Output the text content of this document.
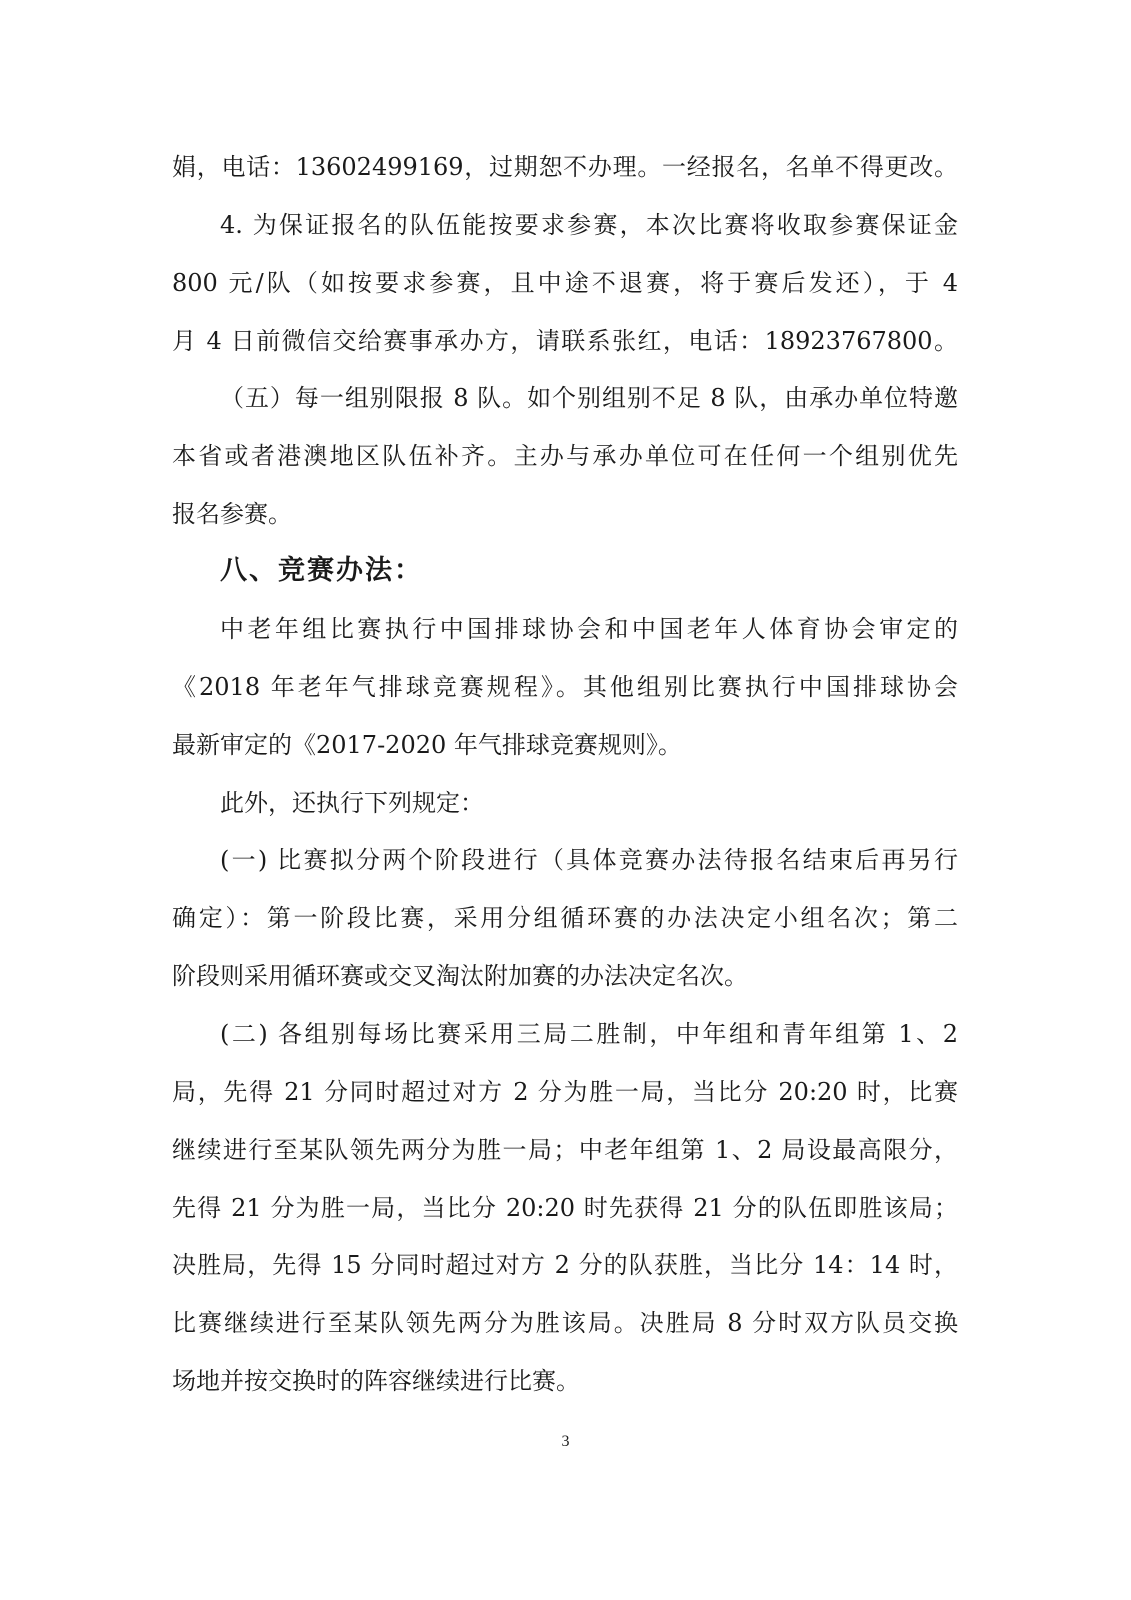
娟，电话：13602499169，过期恕不办理。一经报名，名单不得更改。
4. 为保证报名的队伍能按要求参赛，本次比赛将收取参赛保证金
800 元/队（如按要求参赛，且中途不退赛，将于赛后发还），于 4
月 4 日前微信交给赛事承办方，请联系张红，电话：18923767800。
（五）每一组别限报 8 队。如个别组别不足 8 队，由承办单位特邀
本省或者港澳地区队伍补齐。主办与承办单位可在任何一个组别优先
报名参赛。
八、竞赛办法：
中老年组比赛执行中国排球协会和中国老年人体育协会审定的
《2018 年老年气排球竞赛规程》。其他组别比赛执行中国排球协会
最新审定的《2017-2020 年气排球竞赛规则》。
此外，还执行下列规定：
(一) 比赛拟分两个阶段进行（具体竞赛办法待报名结束后再另行
确定）：第一阶段比赛，采用分组循环赛的办法决定小组名次；第二
阶段则采用循环赛或交叉淘汰附加赛的办法决定名次。
(二) 各组别每场比赛采用三局二胜制，中年组和青年组第 1、2
局，先得 21 分同时超过对方 2 分为胜一局，当比分 20:20 时，比赛
继续进行至某队领先两分为胜一局；中老年组第 1、2 局设最高限分，
先得 21 分为胜一局，当比分 20:20 时先获得 21 分的队伍即胜该局；
决胜局，先得 15 分同时超过对方 2 分的队获胜，当比分 14：14 时，
比赛继续进行至某队领先两分为胜该局。决胜局 8 分时双方队员交换
场地并按交换时的阵容继续进行比赛。
3
